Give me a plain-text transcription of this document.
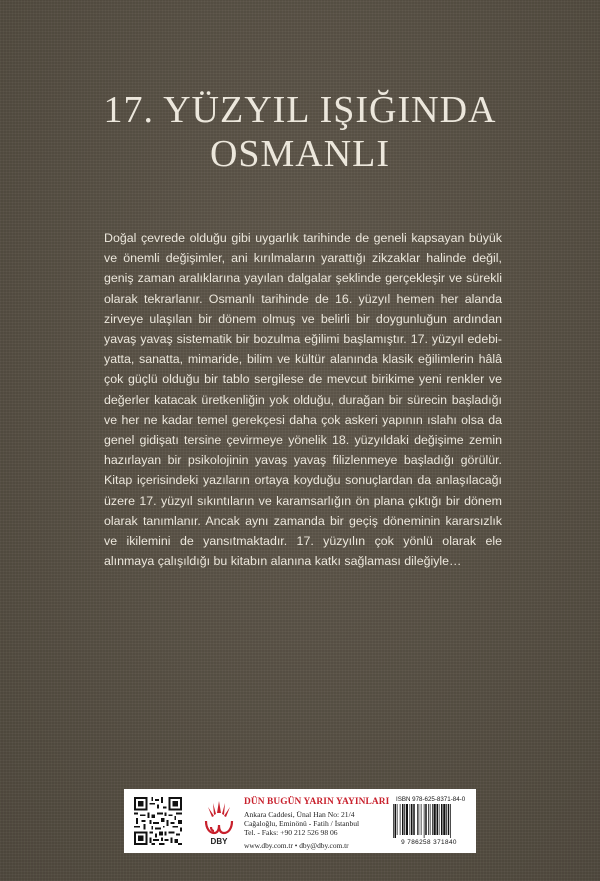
17. YÜZYIL IŞIĞINDA
OSMANLI

Doğal çevrede olduğu gibi uygarlık tarihinde de geneli kapsayan büyük ve önemli değişimler, ani kırılmaların yarattığı zikzaklar halinde değil, geniş zaman aralıklarına yayılan dalgalar şeklinde gerçekleşir ve sürekli olarak tekrarlanır. Osmanlı tarihinde de 16. yüzyıl hemen her alanda zirveye ulaşılan bir dönem olmuş ve belirli bir doygunluğun ardından yavaş yavaş sistematik bir bozulma eğilimi başlamıştır. 17. yüzyıl edebiyatta, sanatta, mimaride, bilim ve kültür alanında klasik eğilimlerin hâlâ çok güçlü olduğu bir tablo sergilese de mevcut birikime yeni renkler ve değerler katacak üretkenliğin yok olduğu, durağan bir sürecin başladığı ve her ne kadar temel gerekçesi daha çok askeri yapının ıslahı olsa da genel gidişatı tersine çevirmeye yönelik 18. yüzyıldaki değişime zemin hazırlayan bir psikolojinin yavaş yavaş filizlenmeye başladığı görülür. Kitap içerisindeki yazıların ortaya koyduğu sonuçlardan da anlaşılacağı üzere 17. yüzyıl sıkıntıların ve karamsarlığın ön plana çıktığı bir dönem olarak tanımlanır. Ancak aynı zamanda bir geçiş döneminin kararsızlık ve ikilemini de yansıtmaktadır. 17. yüzyılın çok yönlü olarak ele alınmaya çalışıldığı bu kitabın alanına katkı sağlaması dileğiyle…

DBY
DÜN BUGÜN YARIN YAYINLARI
Ankara Caddesi, Ünal Han No: 21/4
Cağaloğlu, Eminönü - Fatih / İstanbul
Tel. - Faks: +90 212 526 98 06
www.dby.com.tr • dby@dby.com.tr
ISBN 978-625-8371-84-0
9 786258 371840
